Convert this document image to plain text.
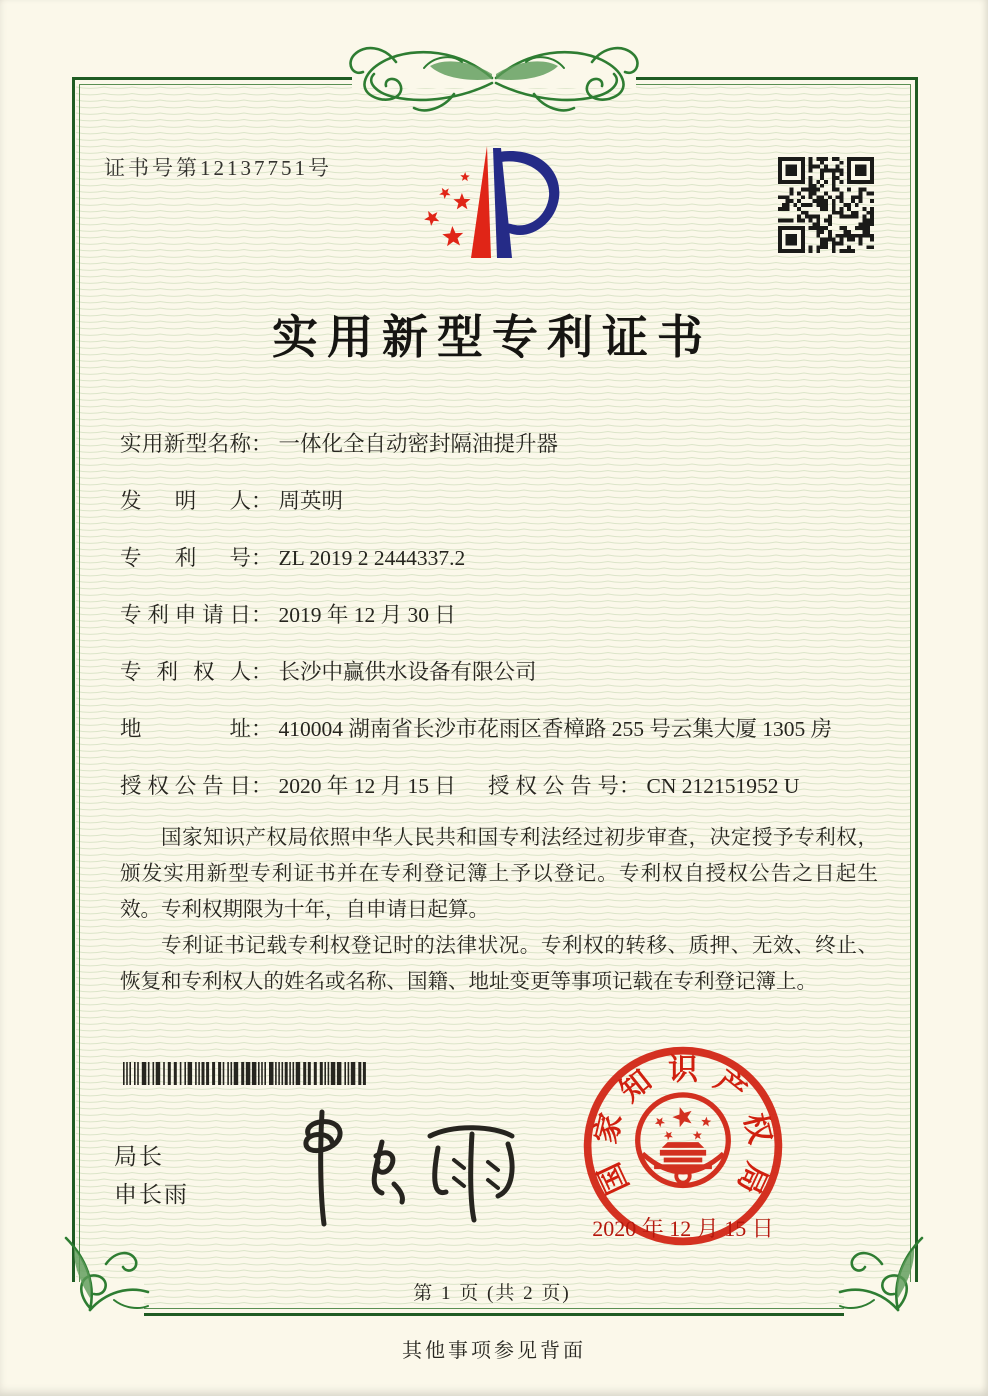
证书号第12137751号
实用新型专利证书
实用新型名称 ： 一体化全自动密封隔油提升器
发明人 ： 周英明
专利号 ： ZL 2019 2 2444337.2
专利申请日 ： 2019 年 12 月 30 日
专利权人 ： 长沙中赢供水设备有限公司
地址 ： 410004 湖南省长沙市花雨区香樟路 255 号云集大厦 1305 房
授权公告日 ： 2020 年 12 月 15 日 授权公告号 ： CN 212151952 U

国家知识产权局依照中华人民共和国专利法经过初步审查，决定授予专利权，颁发实用新型专利证书并在专利登记簿上予以登记。专利权自授权公告之日起生效。专利权期限为十年，自申请日起算。

专利证书记载专利权登记时的法律状况。专利权的转移、质押、无效、终止、恢复和专利权人的姓名或名称、国籍、地址变更等事项记载在专利登记簿上。

局长
申长雨	国
家
知 识 产
权
局
2020 年 12 月 15 日
第 1 页 (共 2 页)
其他事项参见背面
